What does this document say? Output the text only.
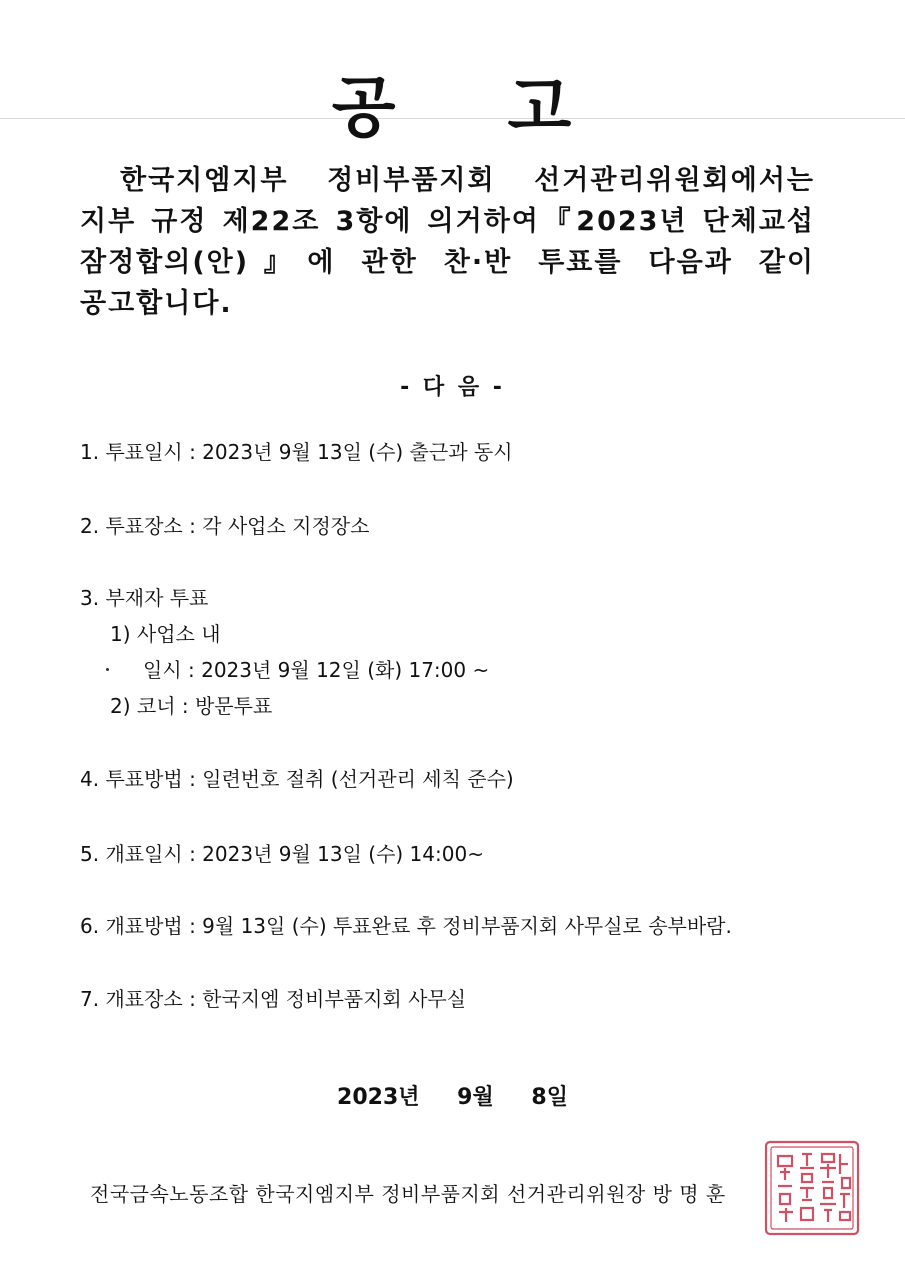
공 고
한국지엠지부 정비부품지회 선거관리위원회에서는
지부 규정 제22조 3항에 의거하여『2023년 단체교섭
잠정합의(안)』에 관한 찬·반 투표를 다음과 같이
공고합니다.
- 다 음 -
1. 투표일시 : 2023년 9월 13일 (수) 출근과 동시
2. 투표장소 : 각 사업소 지정장소
3. 부재자 투표
1) 사업소 내
일시 : 2023년 9월 12일 (화) 17:00 ~
2) 코너 : 방문투표
4. 투표방법 : 일련번호 절취 (선거관리 세칙 준수)
5. 개표일시 : 2023년 9월 13일 (수) 14:00~
6. 개표방법 : 9월 13일 (수) 투표완료 후 정비부품지회 사무실로 송부바람.
7. 개표장소 : 한국지엠 정비부품지회 사무실
2023년 9월 8일
전국금속노동조합 한국지엠지부 정비부품지회 선거관리위원장 방 명 훈
